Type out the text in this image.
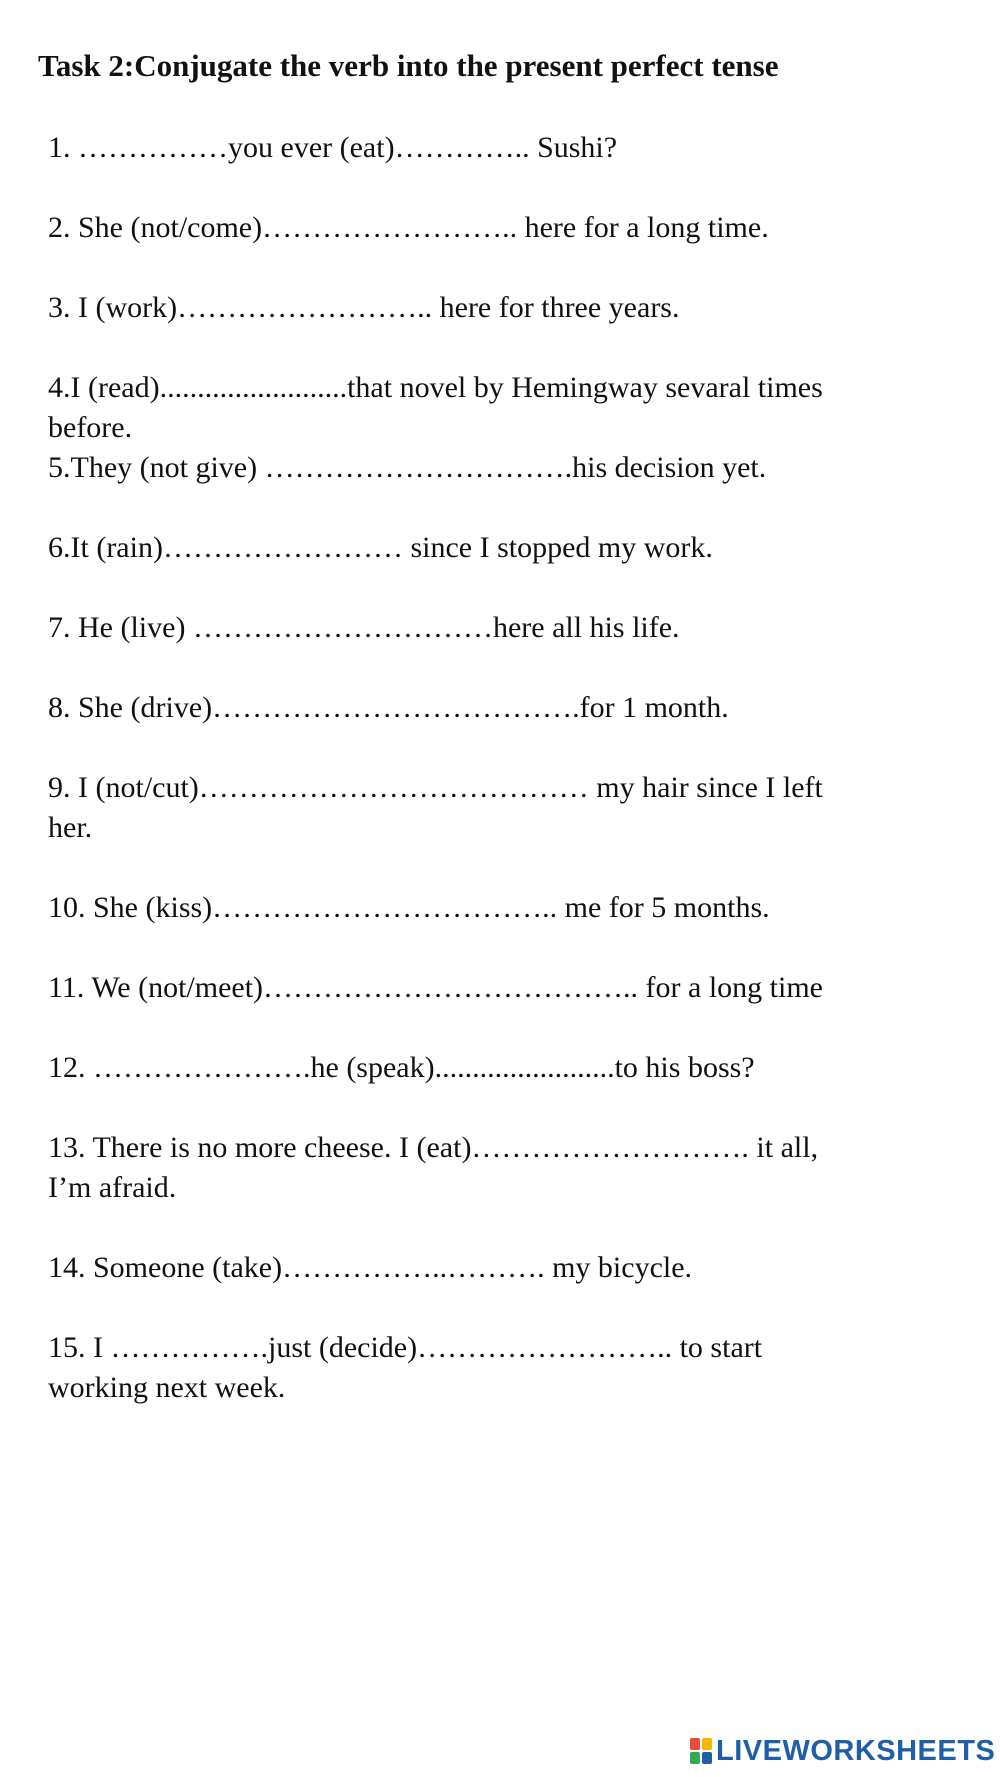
Task 2:Conjugate the verb into the present perfect tense
1. ……………you ever (eat)………….. Sushi?
2. She (not/come)…………………….. here for a long time.
3. I (work)…………………….. here for three years.
4.I (read).........................that novel by Hemingway sevaral times
before.
5.They (not give) ………………………….his decision yet.
6.It (rain)…………………… since I stopped my work.
7. He (live) …………………………here all his life.
8. She (drive)……………………………….for 1 month.
9. I (not/cut)………………………………… my hair since I left
her.
10. She (kiss)…………………………….. me for 5 months.
11. We (not/meet)……………………………….. for a long time
12. ………………….he (speak)........................to his boss?
13. There is no more cheese. I (eat)………………………. it all,
I’m afraid.
14. Someone (take)……………..………. my bicycle.
15. I …………….just (decide)…………………….. to start
working next week.
LIVEWORKSHEETS
